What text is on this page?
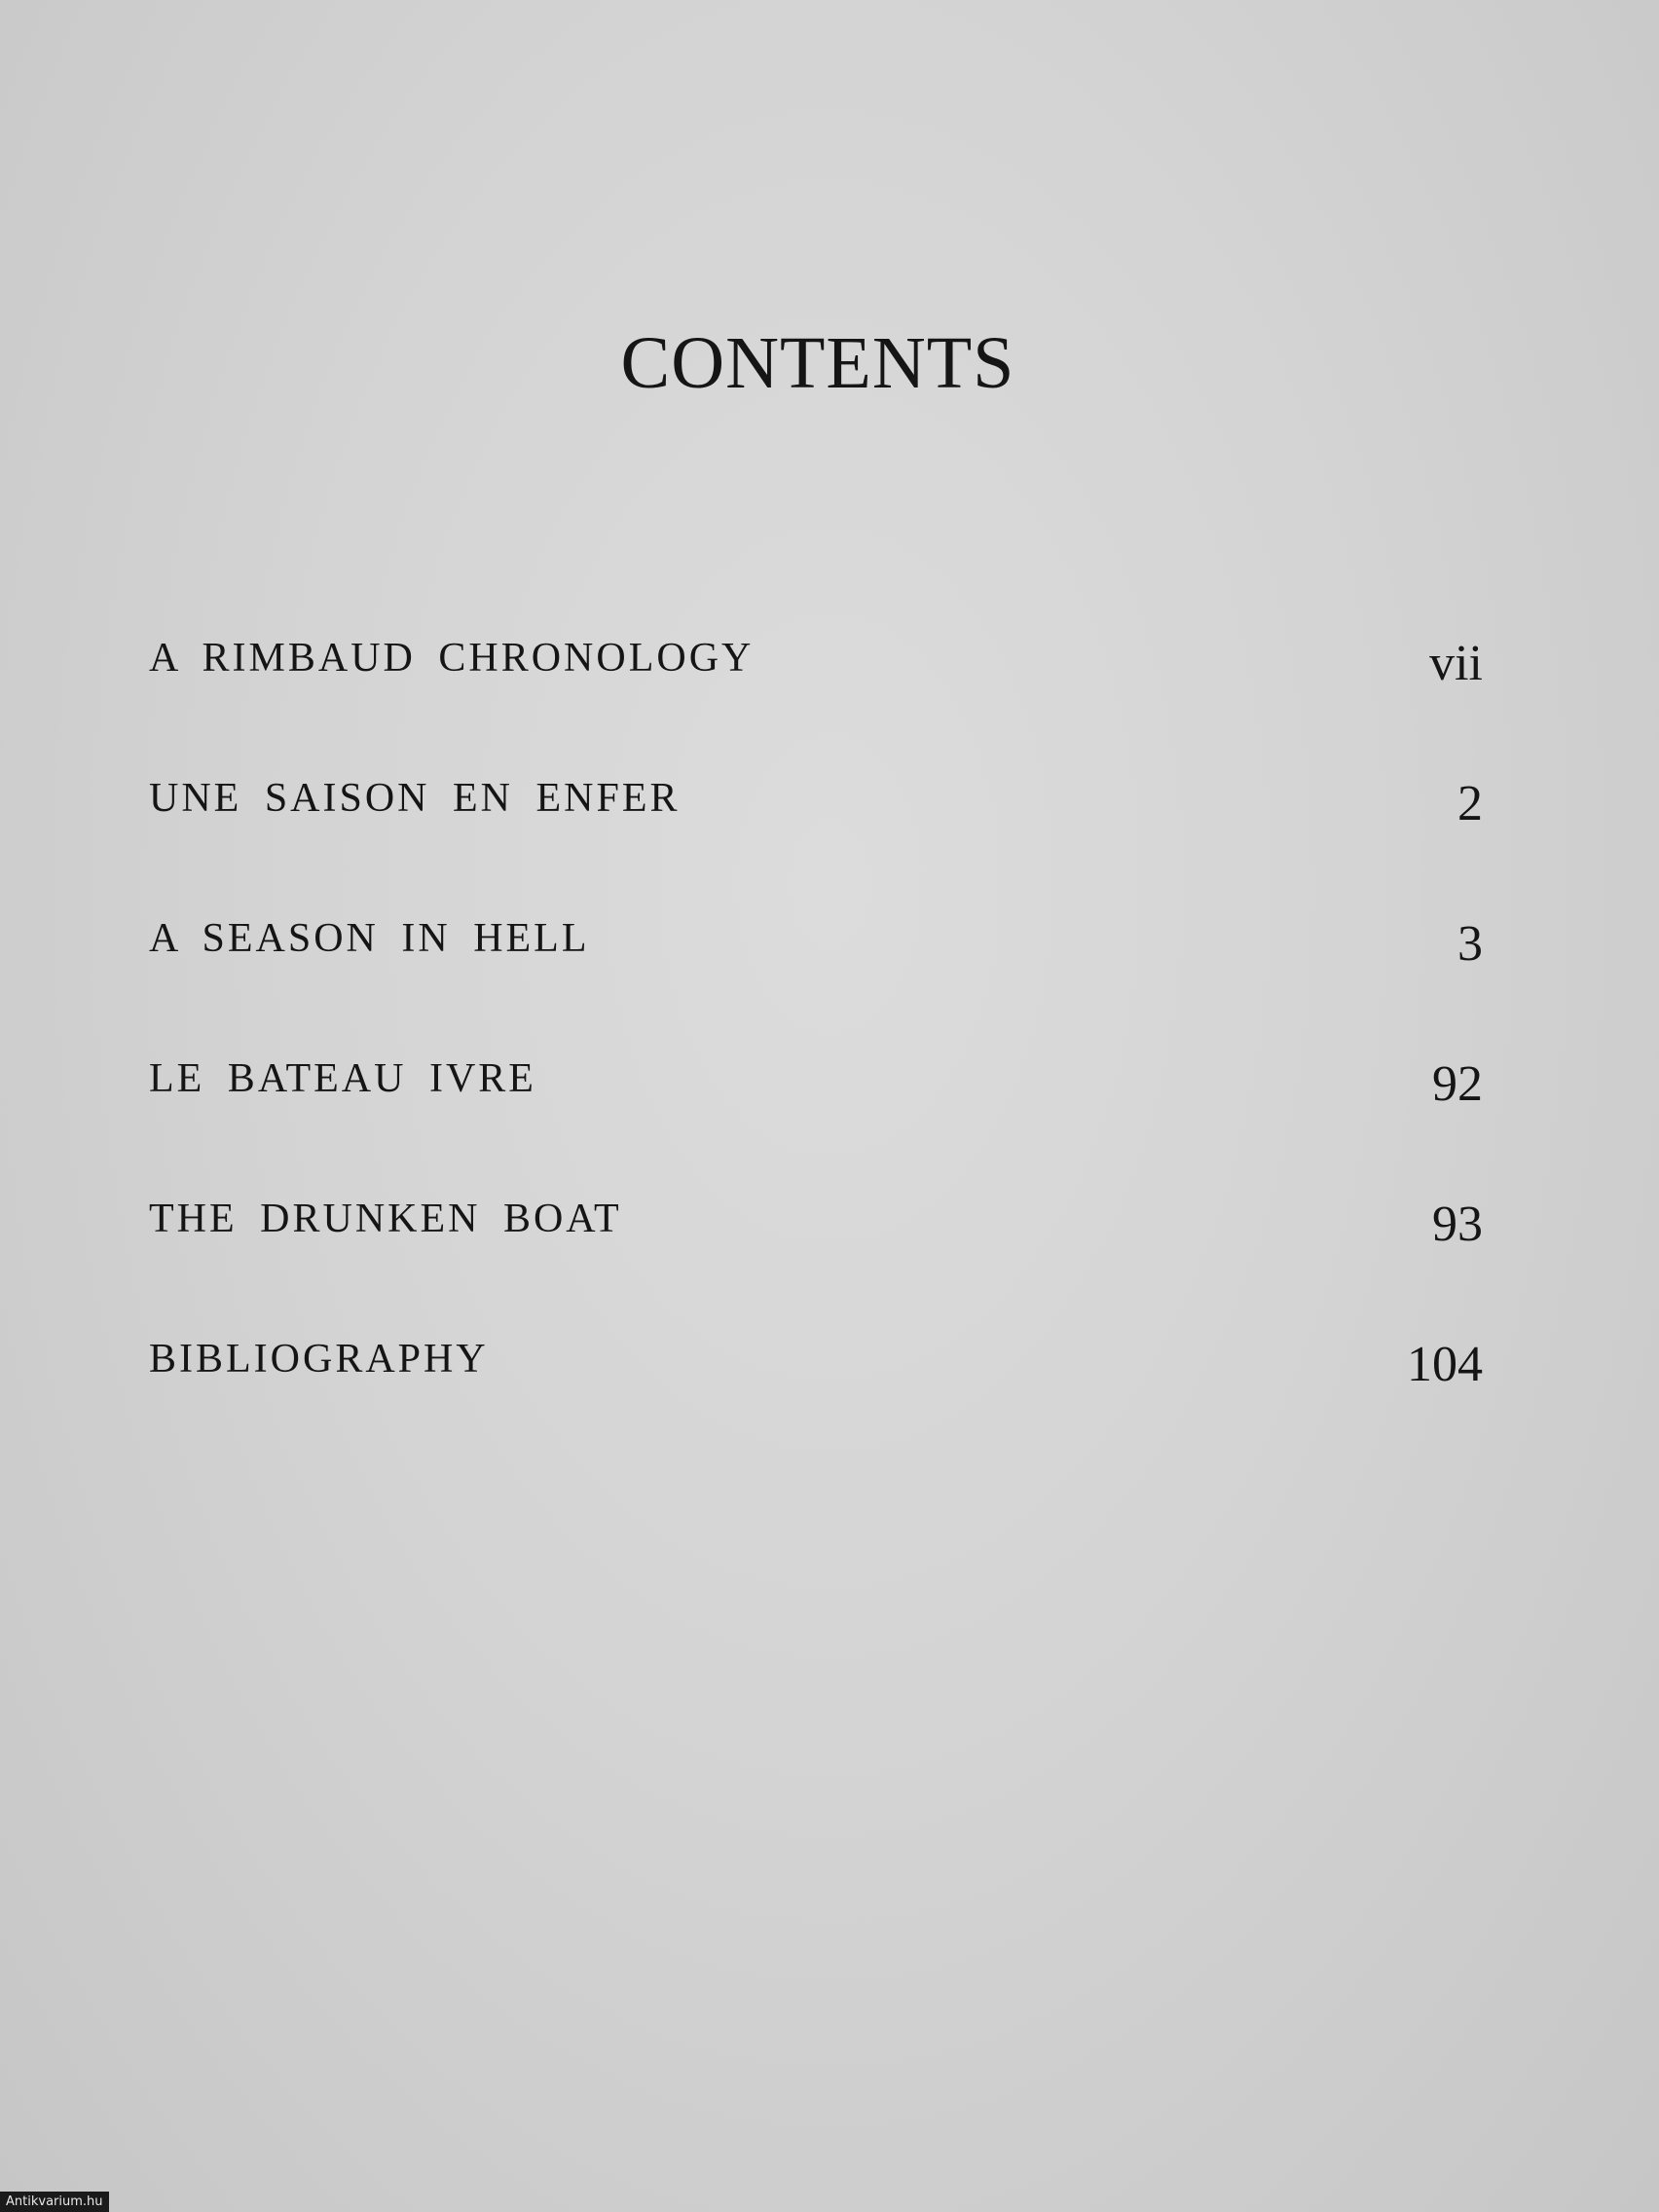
CONTENTS
A RIMBAUD CHRONOLOGY	vii
UNE SAISON EN ENFER	2
A SEASON IN HELL	3
LE BATEAU IVRE	92
THE DRUNKEN BOAT	93
BIBLIOGRAPHY	104
Antikvarium.hu
